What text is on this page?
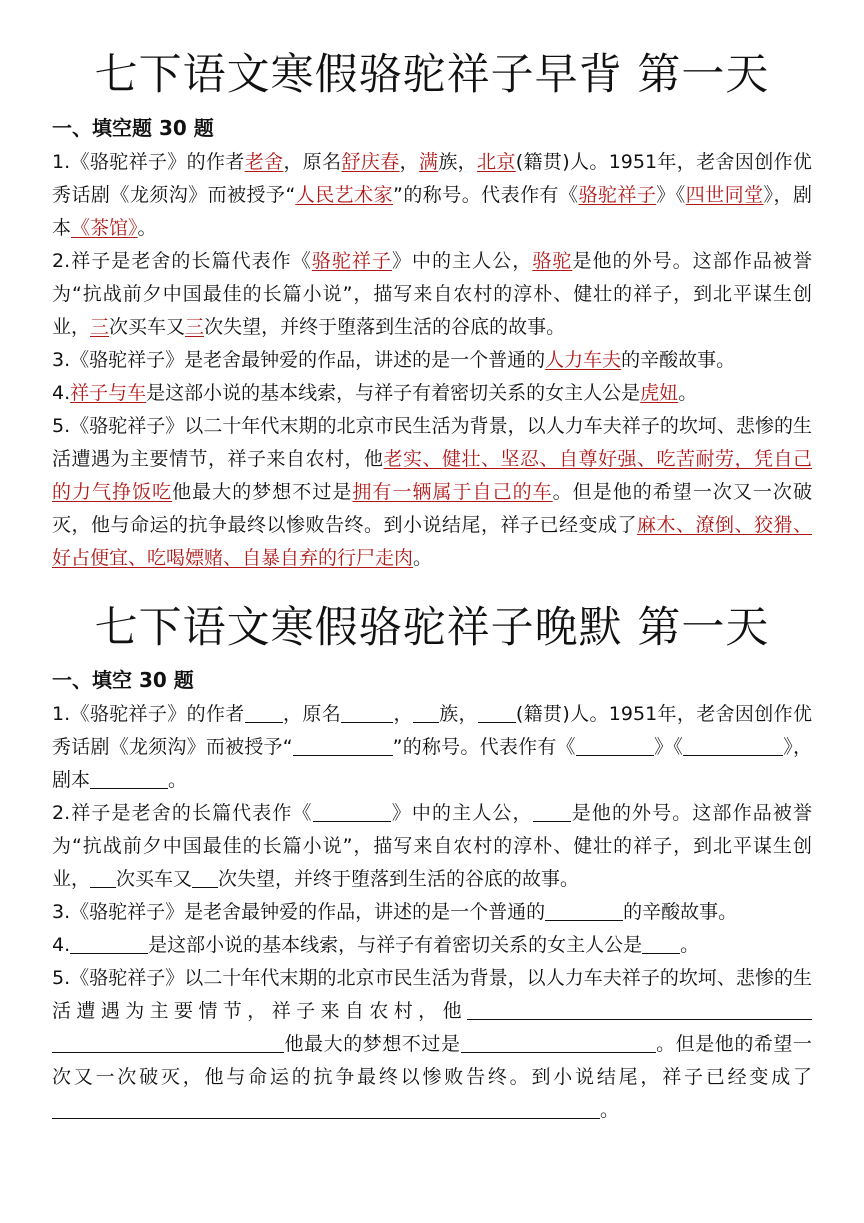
七下语文寒假骆驼祥子早背 第一天
一、填空题 30 题

1.《骆驼祥子》的作者老舍，原名舒庆春，满族，北京(籍贯)人。1951年，老舍因创作优秀话剧《龙须沟》而被授予“人民艺术家”的称号。代表作有《骆驼祥子》《四世同堂》，剧本《茶馆》。

2.祥子是老舍的长篇代表作《骆驼祥子》中的主人公，骆驼是他的外号。这部作品被誉为“抗战前夕中国最佳的长篇小说”，描写来自农村的淳朴、健壮的祥子，到北平谋生创业，三次买车又三次失望，并终于堕落到生活的谷底的故事。

3.《骆驼祥子》是老舍最钟爱的作品，讲述的是一个普通的人力车夫的辛酸故事。

4.祥子与车是这部小说的基本线索，与祥子有着密切关系的女主人公是虎妞。

5.《骆驼祥子》以二十年代末期的北京市民生活为背景，以人力车夫祥子的坎坷、悲惨的生活遭遇为主要情节，祥子来自农村，他老实、健壮、坚忍、自尊好强、吃苦耐劳，凭自己的力气挣饭吃他最大的梦想不过是拥有一辆属于自己的车。但是他的希望一次又一次破灭，他与命运的抗争最终以惨败告终。到小说结尾，祥子已经变成了麻木、潦倒、狡猾、好占便宜、吃喝嫖赌、自暴自弃的行尸走肉。

七下语文寒假骆驼祥子晚默 第一天
一、填空 30 题

1.《骆驼祥子》的作者 ，原名	， 族， (籍贯)人。1951年，老舍因创作优秀话剧《龙须沟》而被授予“	”的称号。代表作有《	》《	》，剧本	。

2.祥子是老舍的长篇代表作《	》中的主人公， 是他的外号。这部作品被誉为“抗战前夕中国最佳的长篇小说”，描写来自农村的淳朴、健壮的祥子，到北平谋生创业， 次买车又 次失望，并终于堕落到生活的谷底的故事。

3.《骆驼祥子》是老舍最钟爱的作品，讲述的是一个普通的	的辛酸故事。

4.	是这部小说的基本线索，与祥子有着密切关系的女主人公是 。

5.《骆驼祥子》以二十年代末期的北京市民生活为背景，以人力车夫祥子的坎坷、悲惨的生活遭遇为主要情节，祥子来自农村，他他最大的梦想不过是	。但是他的希望一次又一次破灭，他与命运的抗争最终以惨败告终。到小说结尾，祥子已经变成了。
